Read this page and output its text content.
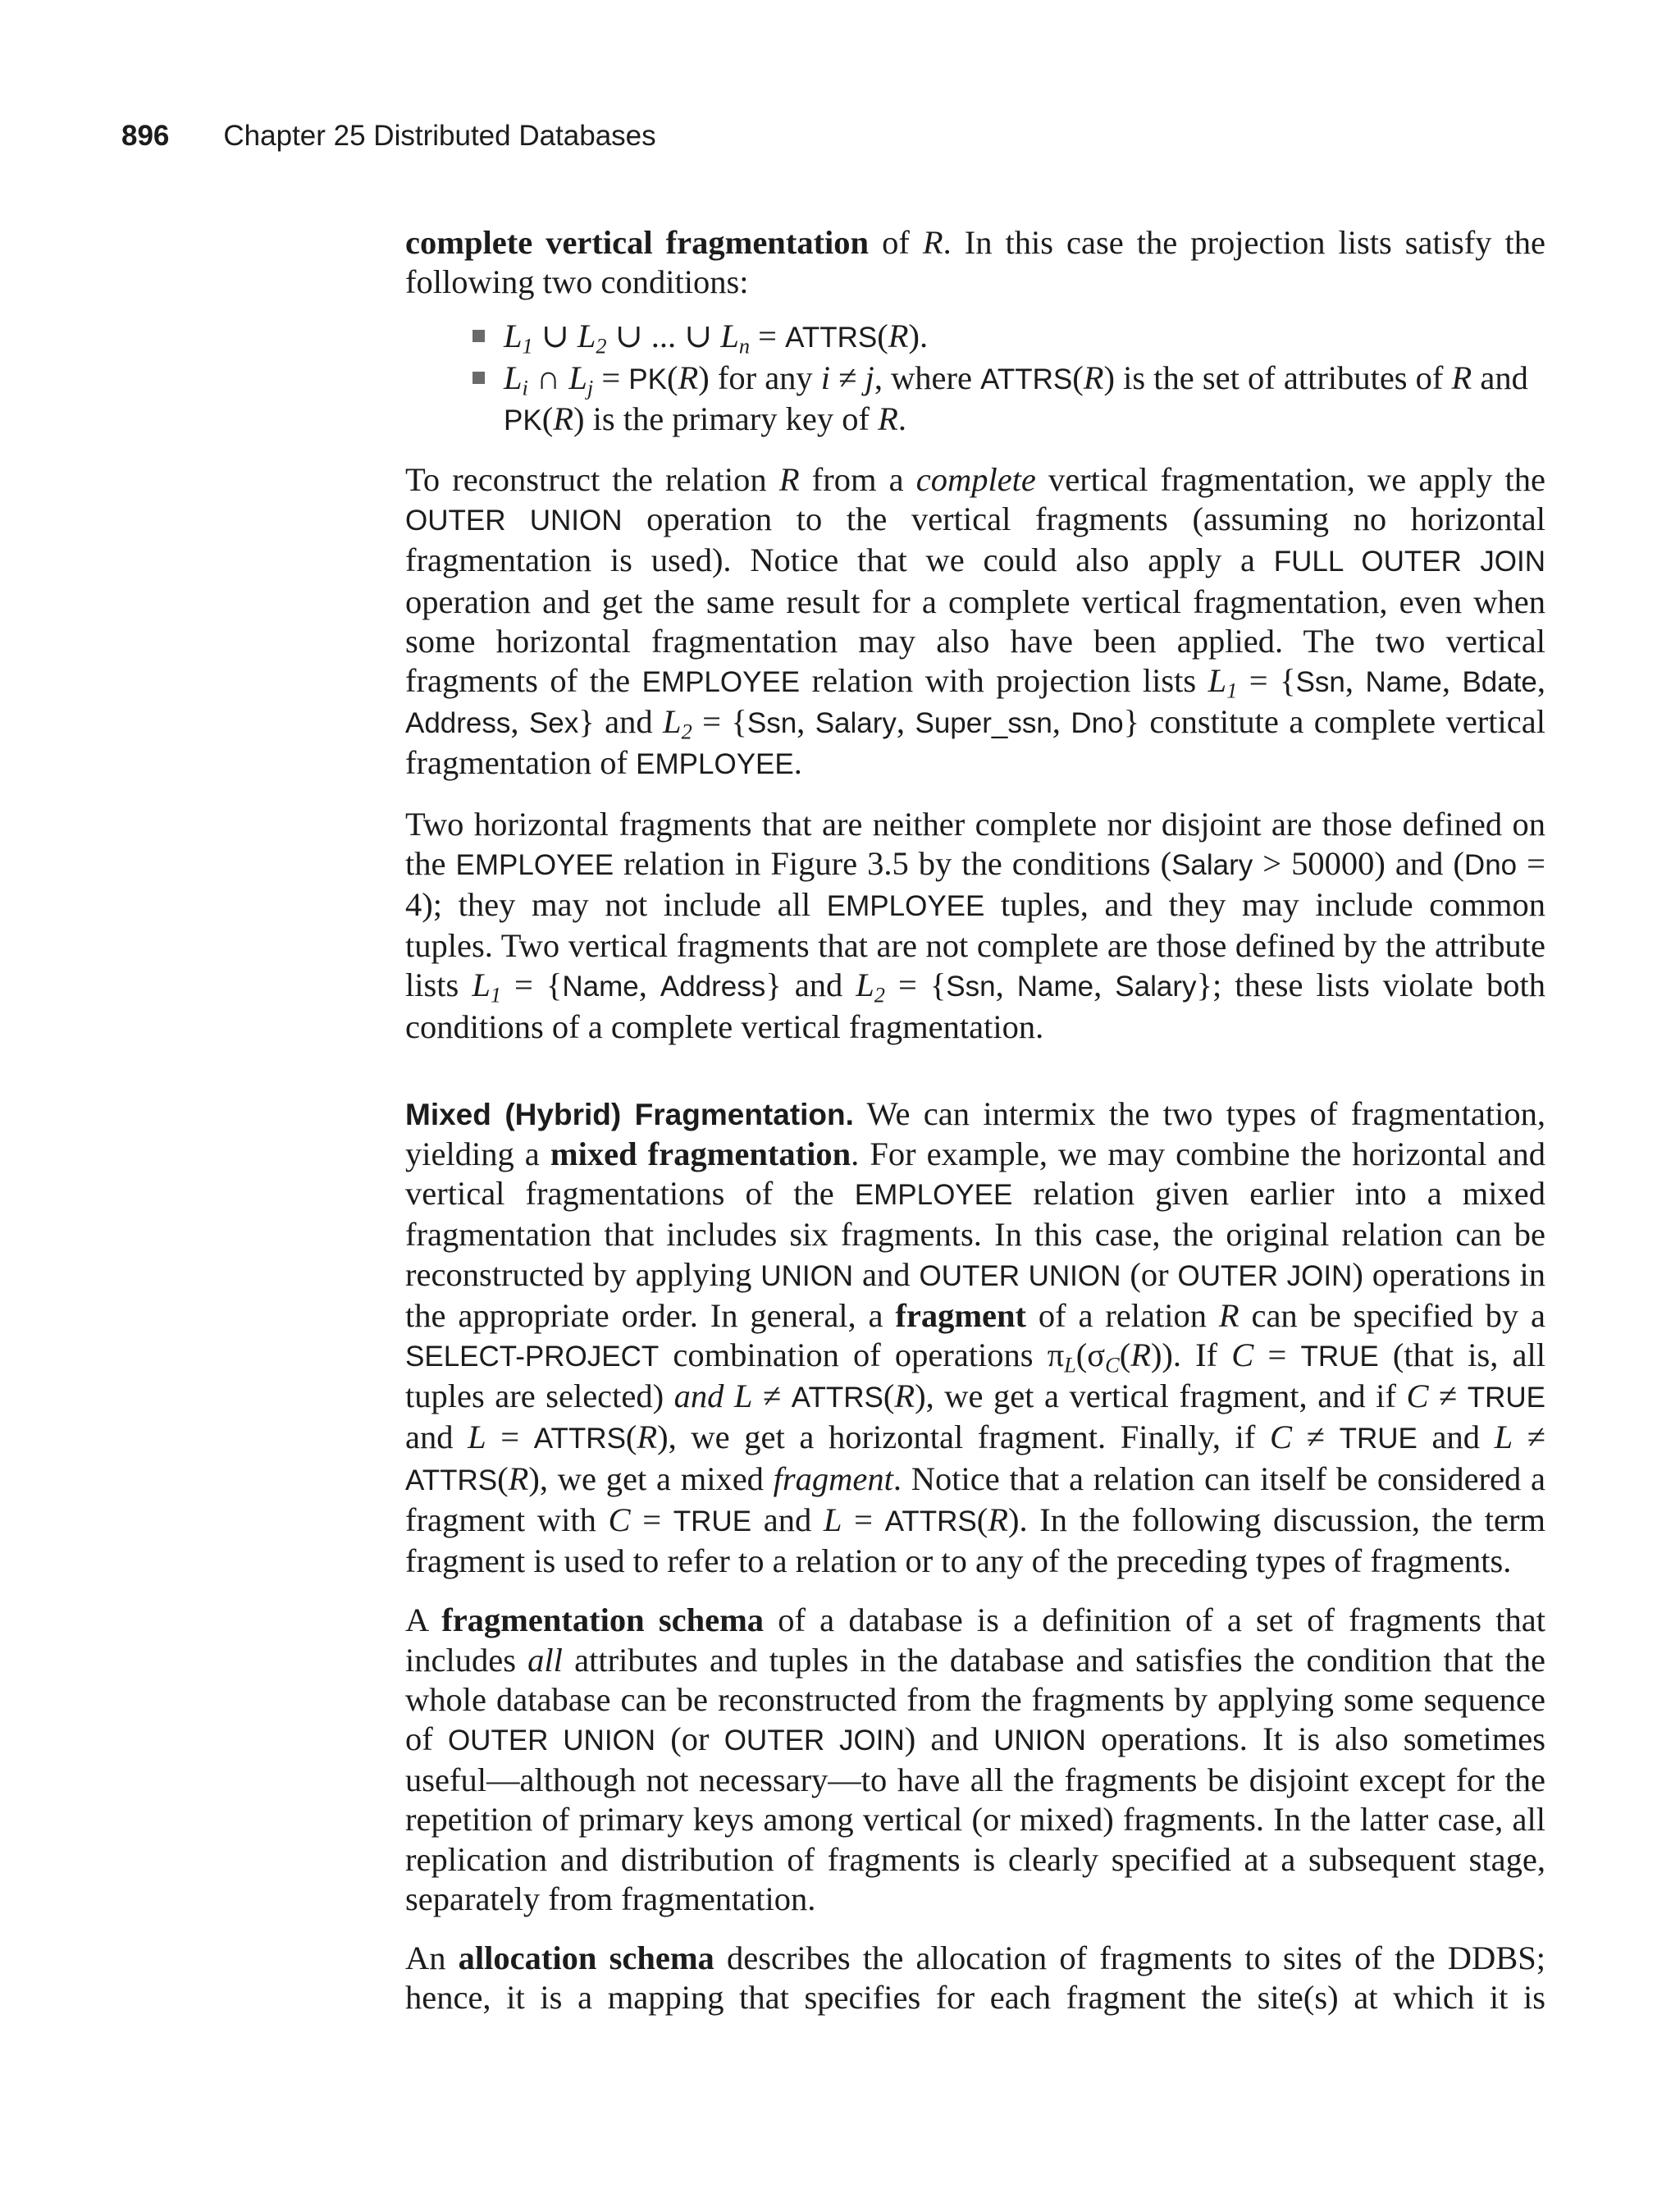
896 Chapter 25 Distributed Databases

complete vertical fragmentation of R. In this case the projection lists satisfy the following two conditions:

$L_1$ ∪ $L_2$ ∪ ... ∪ $L_n$ = ATTRS(R).
$L_i$ ∩ $L_j = PK(R)$ for any i ≠ j, where ATTRS(R) is the set of attributes of R and PK(R) is the primary key of R.

To reconstruct the relation R from a complete vertical fragmentation, we apply the OUTER UNION operation to the vertical fragments (assuming no horizontal fragmentation is used). Notice that we could also apply a FULL OUTER JOIN operation and get the same result for a complete vertical fragmentation, even when some horizontal fragmentation may also have been applied. The two vertical fragments of the EMPLOYEE relation with projection lists $L_1 = \{Ssn$, Name, Bdate, Address, Sex} and $L_2 = \{Ssn$, Salary, Super_ssn, Dno} constitute a complete vertical fragmentation of EMPLOYEE.

Two horizontal fragments that are neither complete nor disjoint are those defined on the EMPLOYEE relation in Figure 3.5 by the conditions (Salary > 50000) and (Dno = 4); they may not include all EMPLOYEE tuples, and they may include common tuples. Two vertical fragments that are not complete are those defined by the attribute lists $L_1$ = {Name, Address} and $L_2 = \{Ssn$, Name, Salary}; these lists violate both conditions of a complete vertical fragmentation.

Mixed (Hybrid) Fragmentation. We can intermix the two types of fragmentation, yielding a mixed fragmentation. For example, we may combine the horizontal and vertical fragmentations of the EMPLOYEE relation given earlier into a mixed fragmentation that includes six fragments. In this case, the original relation can be reconstructed by applying UNION and OUTER UNION (or OUTER JOIN) operations in the appropriate order. In general, a fragment of a relation R can be specified by a SELECT-PROJECT combination of operations $\pi_L(\sigma_C(R))$. If C = TRUE (that is, all tuples are selected) and L ≠ ATTRS(R), we get a vertical fragment, and if C ≠ TRUE and L = ATTRS(R), we get a horizontal fragment. Finally, if C ≠ TRUE and L ≠ ATTRS(R), we get a mixed fragment. Notice that a relation can itself be considered a fragment with C = TRUE and L = ATTRS(R). In the following discussion, the term fragment is used to refer to a relation or to any of the preceding types of fragments.

A fragmentation schema of a database is a definition of a set of fragments that includes all attributes and tuples in the database and satisfies the condition that the whole database can be reconstructed from the fragments by applying some sequence of OUTER UNION (or OUTER JOIN) and UNION operations. It is also sometimes useful—although not necessary—to have all the fragments be disjoint except for the repetition of primary keys among vertical (or mixed) fragments. In the latter case, all replication and distribution of fragments is clearly specified at a subsequent stage, separately from fragmentation.

An allocation schema describes the allocation of fragments to sites of the DDBS; hence, it is a mapping that specifies for each fragment the site(s) at which it is
